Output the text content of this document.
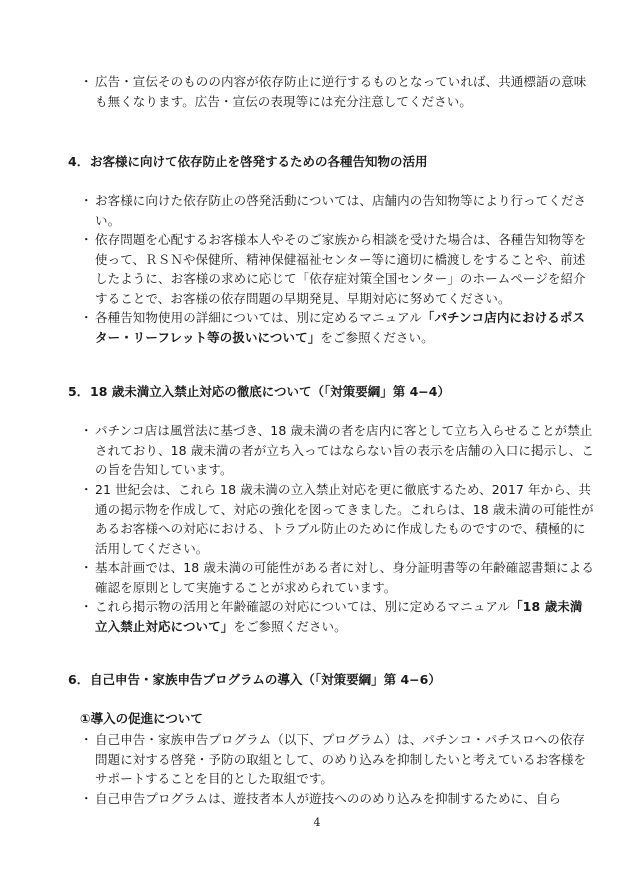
・ 広告・宣伝そのものの内容が依存防止に逆行するものとなっていれば、共通標語の意味も無くなります。広告・宣伝の表現等には充分注意してください。
4．お客様に向けて依存防止を啓発するための各種告知物の活用
・ お客様に向けた依存防止の啓発活動については、店舗内の告知物等により行ってください。
・ 依存問題を心配するお客様本人やそのご家族から相談を受けた場合は、各種告知物等を使って、ＲＳＮや保健所、精神保健福祉センター等に適切に橋渡しをすることや、前述したように、お客様の求めに応じて「依存症対策全国センター」のホームページを紹介することで、お客様の依存問題の早期発見、早期対応に努めてください。
・ 各種告知物使用の詳細については、別に定めるマニュアル「パチンコ店内におけるポスター・リーフレット等の扱いについて」をご参照ください。
5．18 歳未満立入禁止対応の徹底について（「対策要綱」第 4−4）
・ パチンコ店は風営法に基づき、18 歳未満の者を店内に客として立ち入らせることが禁止されており、18 歳未満の者が立ち入ってはならない旨の表示を店舗の入口に掲示し、この旨を告知しています。
・ 21 世紀会は、これら 18 歳未満の立入禁止対応を更に徹底するため、2017 年から、共通の掲示物を作成して、対応の強化を図ってきました。これらは、18 歳未満の可能性があるお客様への対応における、トラブル防止のために作成したものですので、積極的に活用してください。
・ 基本計画では、18 歳未満の可能性がある者に対し、身分証明書等の年齢確認書類による確認を原則として実施することが求められています。
・ これら掲示物の活用と年齢確認の対応については、別に定めるマニュアル「18 歳未満立入禁止対応について」をご参照ください。
6．自己申告・家族申告プログラムの導入（「対策要綱」第 4−6）
①導入の促進について
・ 自己申告・家族申告プログラム（以下、プログラム）は、パチンコ・パチスロへの依存問題に対する啓発・予防の取組として、のめり込みを抑制したいと考えているお客様をサポートすることを目的とした取組です。
・ 自己申告プログラムは、遊技者本人が遊技へののめり込みを抑制するために、自ら
4
